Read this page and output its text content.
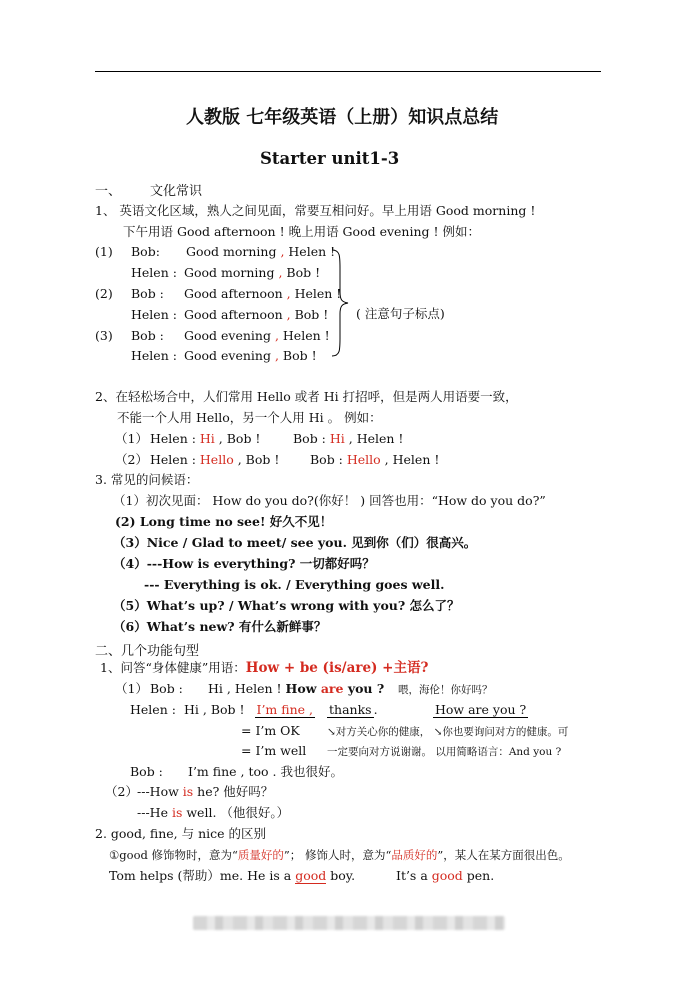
人教版 七年级英语（上册）知识点总结
Starter unit1-3
一、 文化常识
1、 英语文化区域，熟人之间见面，常要互相问好。早上用语 Good morning !
下午用语 Good afternoon ! 晚上用语 Good evening ! 例如：
(1) Bob: Good morning , Helen !
Helen : Good morning , Bob !
(2) Bob : Good afternoon , Helen !
Helen : Good afternoon , Bob !
(3) Bob : Good evening , Helen !
Helen : Good evening , Bob !
( 注意句子标点)
2、在轻松场合中，人们常用 Hello 或者 Hi 打招呼，但是两人用语要一致，
不能一个人用 Hello，另一个人用 Hi 。 例如：
（1） Helen : Hi , Bob !	Bob : Hi , Helen !
（2） Helen : Hello , Bob ! Bob : Hello , Helen !
3. 常见的问候语：
（1）初次见面： How do you do?(你好！ ) 回答也用：“How do you do?”
(2) Long time no see! 好久不见！
（3）Nice / Glad to meet/ see you. 见到你（们）很高兴。
（4）---How is everything? 一切都好吗？
--- Everything is ok. / Everything goes well.
（5）What’s up? / What’s wrong with you? 怎么了？
（6）What’s new? 有什么新鲜事？
二、几个功能句型
1、问答“身体健康”用语：How + be (is/are) +主语?
（1） Bob : Hi , Helen ! How are you ? 喂，海伦！你好吗？
Helen : Hi , Bob ! I’m fine , thanks .	How are you ?
= I’m OK	↘对方关心你的健康， ↘你也要询问对方的健康。可
= I’m well 一定要向对方说谢谢。 以用简略语言：And you ?
Bob : I’m fine , too . 我也很好。
（2） ---How is he? 他好吗？
---He is well. （他很好。）
2. good, fine, 与 nice 的区别
①good 修饰物时，意为“质量好的”； 修饰人时，意为“品质好的”，某人在某方面很出色。
Tom helps (帮助）me. He is a good boy.	It’s a good pen.
